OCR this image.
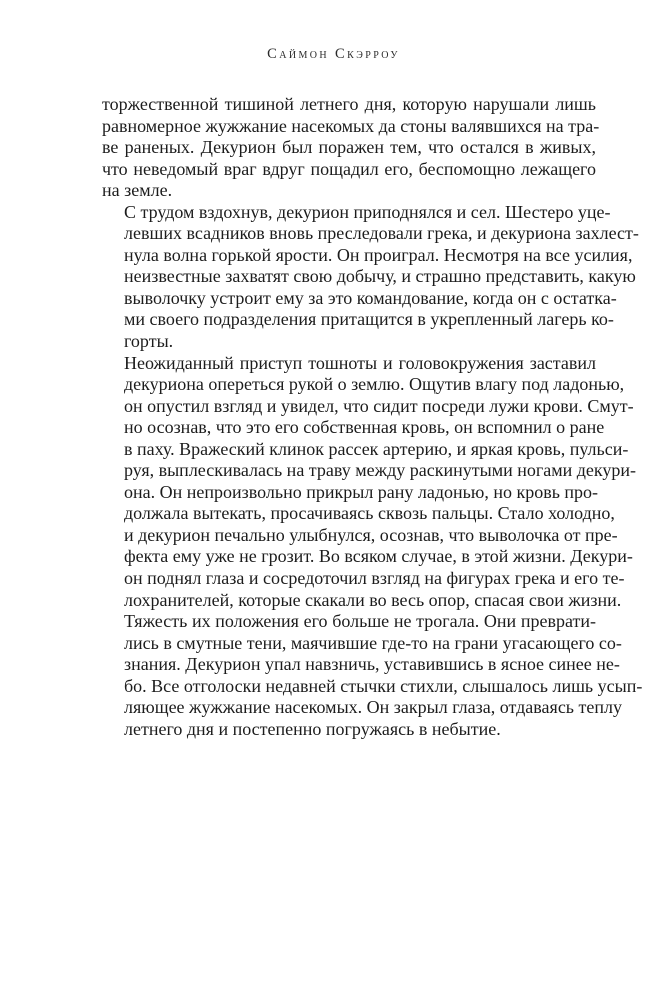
Саймон Скэрроу

торжественной тишиной летнего дня, которую нарушали лишь
равномерное жужжание насекомых да стоны валявшихся на тра-
ве раненых. Декурион был поражен тем, что остался в живых,
что неведомый враг вдруг пощадил его, беспомощно лежащего
на земле.

С трудом вздохнув, декурион приподнялся и сел. Шестеро уце-
левших всадников вновь преследовали грека, и декуриона захлест-
нула волна горькой ярости. Он проиграл. Несмотря на все усилия,
неизвестные захватят свою добычу, и страшно представить, какую
выволочку устроит ему за это командование, когда он с остатка-
ми своего подразделения притащится в укрепленный лагерь ко-
горты.

Неожиданный приступ тошноты и головокружения заставил
декуриона опереться рукой о землю. Ощутив влагу под ладонью,
он опустил взгляд и увидел, что сидит посреди лужи крови. Смут-
но осознав, что это его собственная кровь, он вспомнил о ране
в паху. Вражеский клинок рассек артерию, и яркая кровь, пульси-
руя, выплескивалась на траву между раскинутыми ногами декури-
она. Он непроизвольно прикрыл рану ладонью, но кровь про-
должала вытекать, просачиваясь сквозь пальцы. Стало холодно,
и декурион печально улыбнулся, осознав, что выволочка от пре-
фекта ему уже не грозит. Во всяком случае, в этой жизни. Декури-
он поднял глаза и сосредоточил взгляд на фигурах грека и его те-
лохранителей, которые скакали во весь опор, спасая свои жизни.

Тяжесть их положения его больше не трогала. Они преврати-
лись в смутные тени, маячившие где-то на грани угасающего со-
знания. Декурион упал навзничь, уставившись в ясное синее не-
бо. Все отголоски недавней стычки стихли, слышалось лишь усып-
ляющее жужжание насекомых. Он закрыл глаза, отдаваясь теплу
летнего дня и постепенно погружаясь в небытие.
